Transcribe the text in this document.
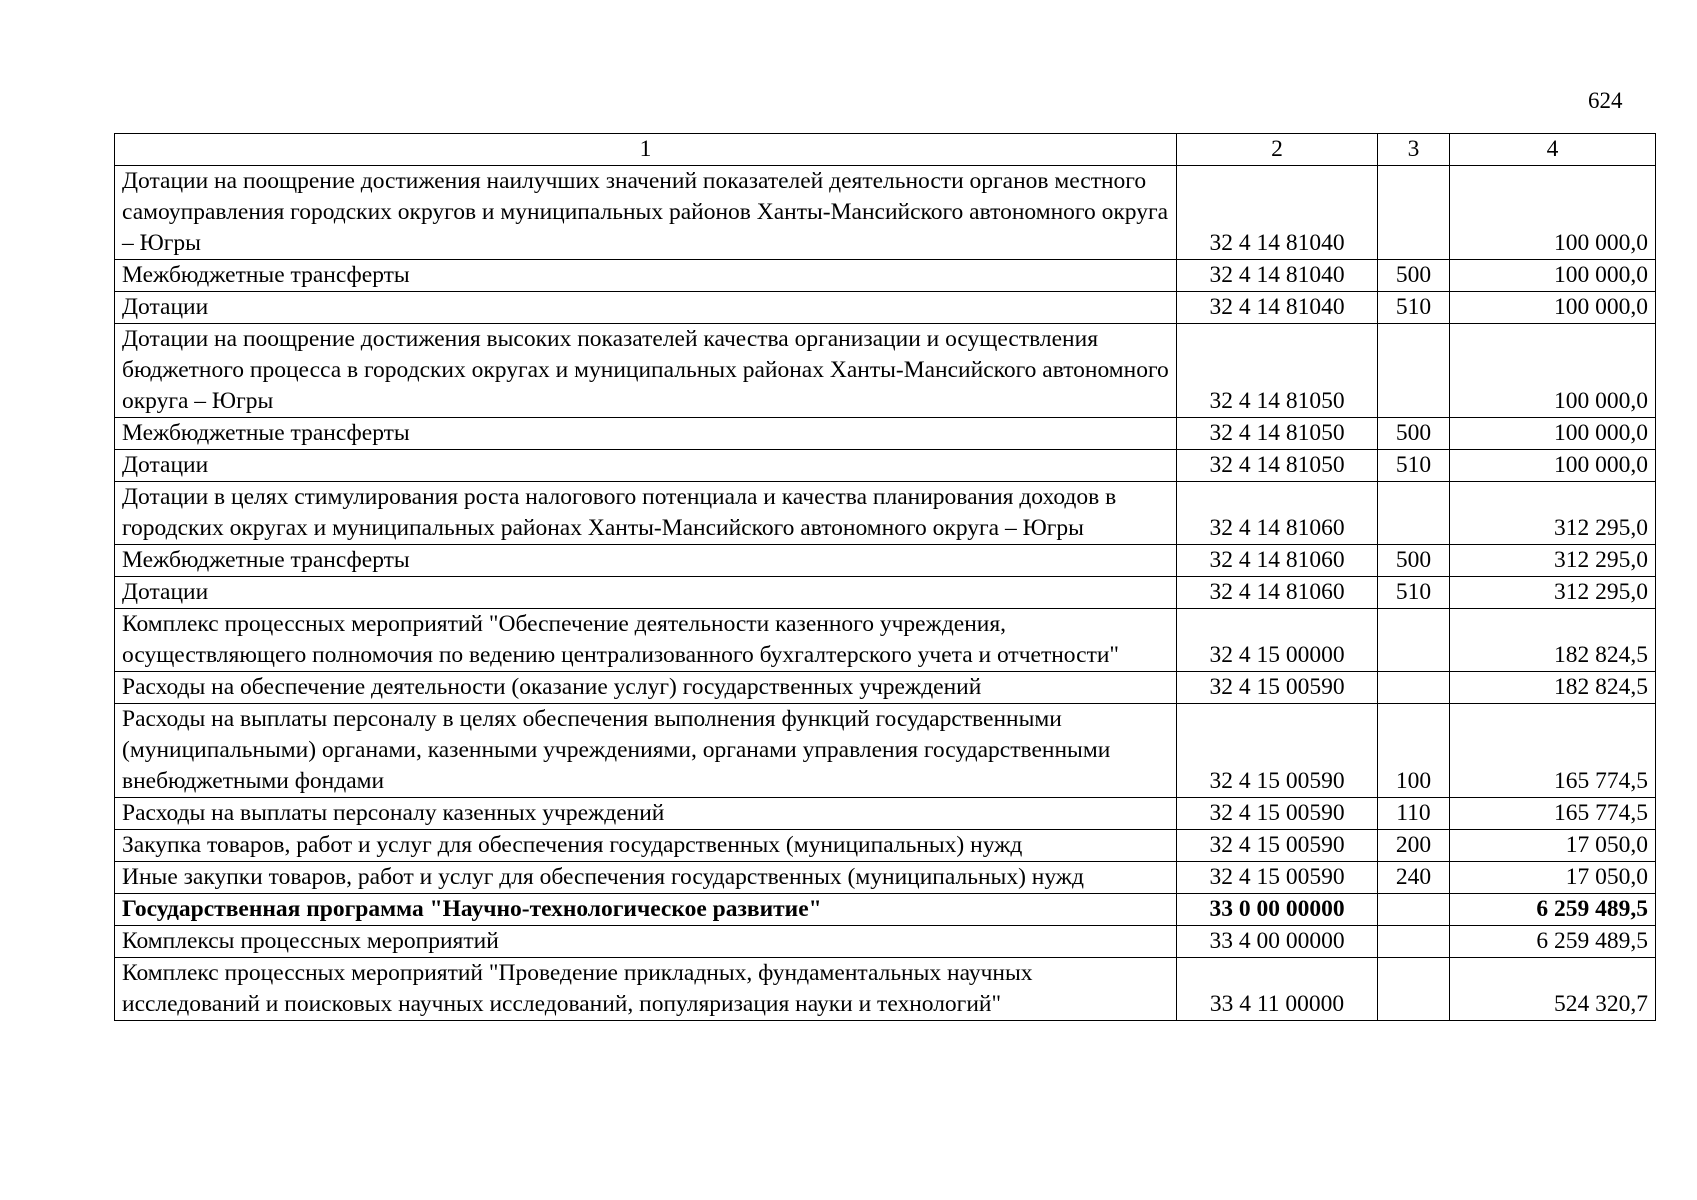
624
1	2	3	4
Дотации на поощрение достижения наилучших значений показателей деятельности органов местного самоуправления городских округов и муниципальных районов Ханты-Мансийского автономного округа – Югры	32 4 14 81040		100 000,0
Межбюджетные трансферты	32 4 14 81040	500	100 000,0
Дотации	32 4 14 81040	510	100 000,0
Дотации на поощрение достижения высоких показателей качества организации и осуществления бюджетного процесса в городских округах и муниципальных районах Ханты-Мансийского автономного округа – Югры	32 4 14 81050		100 000,0
Межбюджетные трансферты	32 4 14 81050	500	100 000,0
Дотации	32 4 14 81050	510	100 000,0
Дотации в целях стимулирования роста налогового потенциала и качества планирования доходов в городских округах и муниципальных районах Ханты-Мансийского автономного округа – Югры	32 4 14 81060		312 295,0
Межбюджетные трансферты	32 4 14 81060	500	312 295,0
Дотации	32 4 14 81060	510	312 295,0
Комплекс процессных мероприятий "Обеспечение деятельности казенного учреждения, осуществляющего полномочия по ведению централизованного бухгалтерского учета и отчетности"	32 4 15 00000		182 824,5
Расходы на обеспечение деятельности (оказание услуг) государственных учреждений	32 4 15 00590		182 824,5
Расходы на выплаты персоналу в целях обеспечения выполнения функций государственными (муниципальными) органами, казенными учреждениями, органами управления государственными внебюджетными фондами	32 4 15 00590	100	165 774,5
Расходы на выплаты персоналу казенных учреждений	32 4 15 00590	110	165 774,5
Закупка товаров, работ и услуг для обеспечения государственных (муниципальных) нужд	32 4 15 00590	200	17 050,0
Иные закупки товаров, работ и услуг для обеспечения государственных (муниципальных) нужд	32 4 15 00590	240	17 050,0
Государственная программа "Научно-технологическое развитие"	33 0 00 00000		6 259 489,5
Комплексы процессных мероприятий	33 4 00 00000		6 259 489,5
Комплекс процессных мероприятий "Проведение прикладных, фундаментальных научных исследований и поисковых научных исследований, популяризация науки и технологий"	33 4 11 00000		524 320,7
